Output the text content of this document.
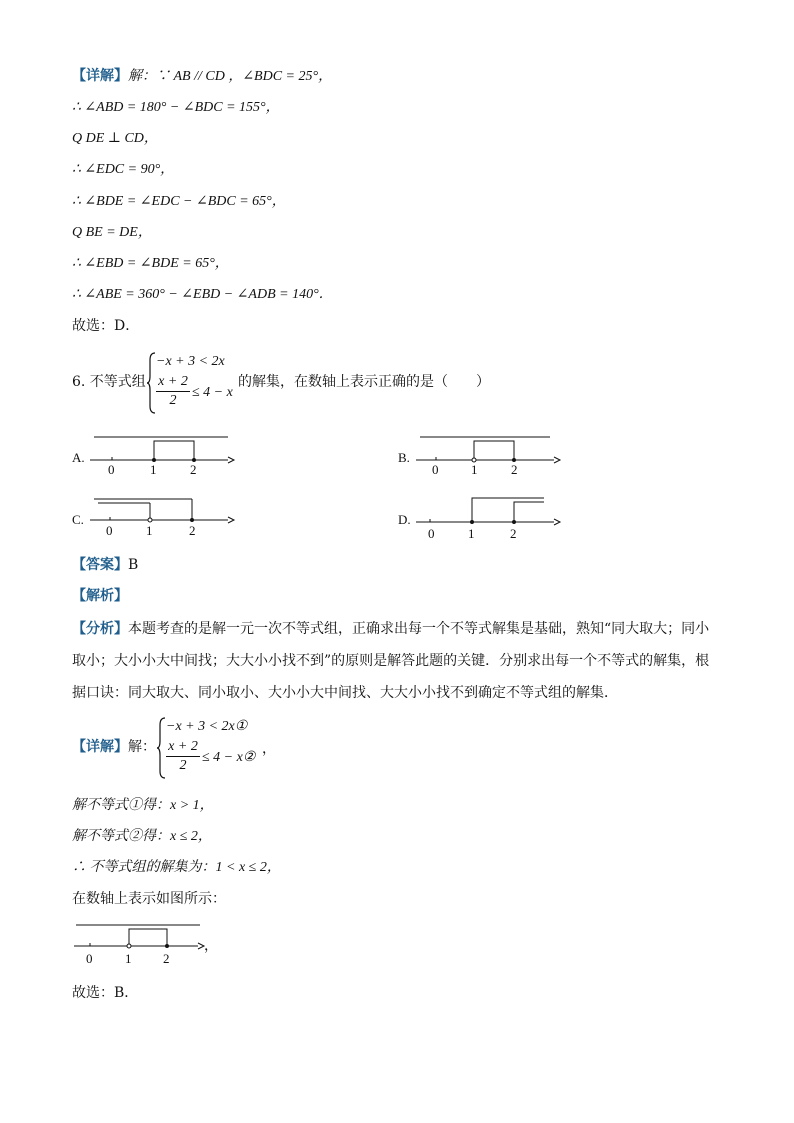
【详解】解：∵ AB // CD ，∠BDC = 25°，
∴ ∠ABD = 180° − ∠BDC = 155°，
Q DE ⊥ CD，
∴ ∠EDC = 90°，
∴ ∠BDE = ∠EDC − ∠BDC = 65°，
Q BE = DE，
∴ ∠EBD = ∠BDE = 65°，
∴ ∠ABE = 360° − ∠EBD − ∠ADB = 140°．
故选：D．
6. 不等式组
−x + 3 < 2x
$\frac{x + 2}{2} \le 4 - x$
的解集，在数轴上表示正确的是（　　）
A.
0	1	2
B.
0	1	2
C.
0	1	2
D.
0	1	2
【答案】B
【解析】
【分析】本题考查的是解一元一次不等式组，正确求出每一个不等式解集是基础，熟知“同大取大；同小
取小；大小小大中间找；大大小小找不到”的原则是解答此题的关键．分别求出每一个不等式的解集，根
据口诀：同大取大、同小取小、大小小大中间找、大大小小找不到确定不等式组的解集．
【详解】解：
−x + 3 < 2x①
$\frac{x + 2}{2} \le 4$ − x②
，
解不等式①得：x > 1，
解不等式②得：x ≤ 2，
∴ 不等式组的解集为：1 < x ≤ 2，
在数轴上表示如图所示：
0	1 2
，
故选：B．
